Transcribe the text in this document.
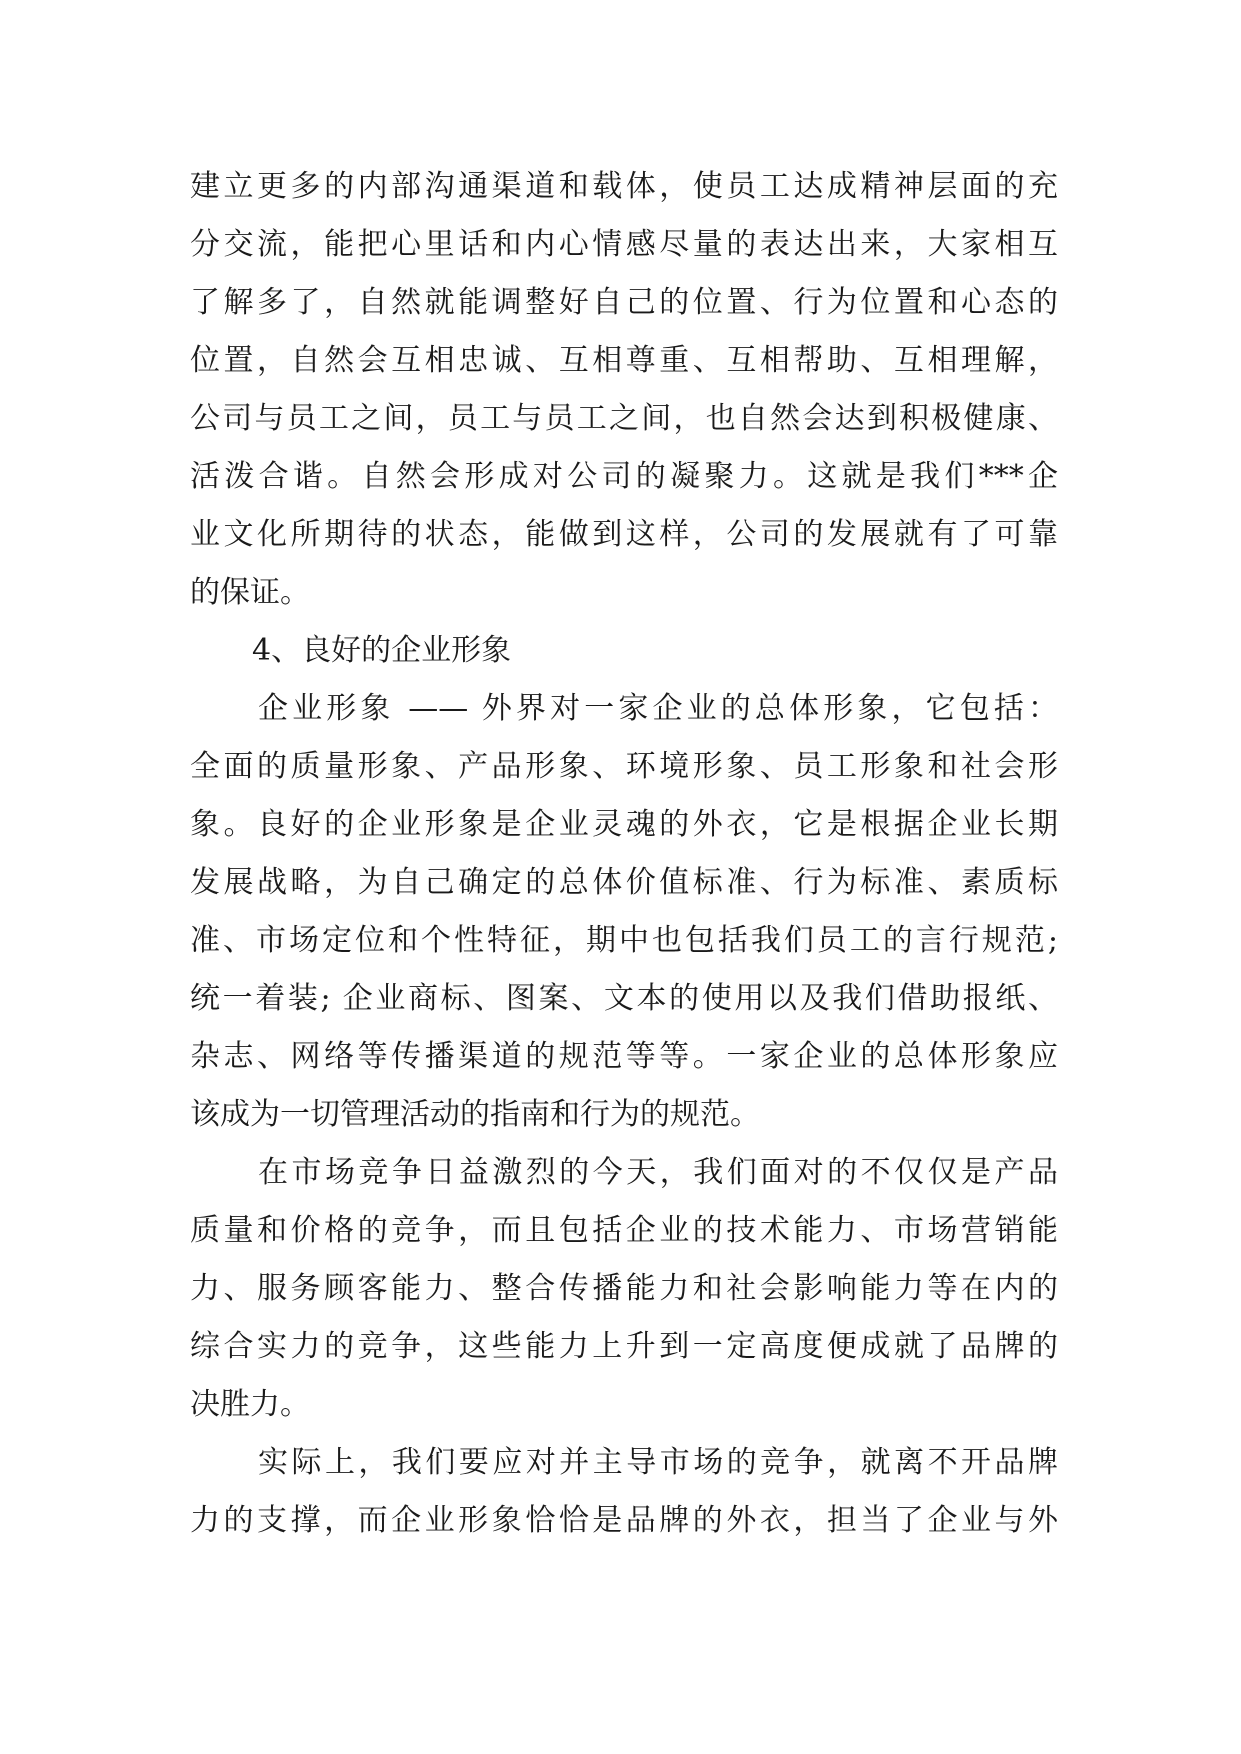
建立更多的内部沟通渠道和载体，使员工达成精神层面的充
分交流，能把心里话和内心情感尽量的表达出来，大家相互
了解多了，自然就能调整好自己的位置、行为位置和心态的
位置，自然会互相忠诚、互相尊重、互相帮助、互相理解，
公司与员工之间，员工与员工之间，也自然会达到积极健康、
活泼合谐。自然会形成对公司的凝聚力。这就是我们***企
业文化所期待的状态，能做到这样，公司的发展就有了可靠
的保证。
4、良好的企业形象
企业形象 —— 外界对一家企业的总体形象，它包括：
全面的质量形象、产品形象、环境形象、员工形象和社会形
象。良好的企业形象是企业灵魂的外衣，它是根据企业长期
发展战略，为自己确定的总体价值标准、行为标准、素质标
准、市场定位和个性特征，期中也包括我们员工的言行规范;
统一着装; 企业商标、图案、文本的使用以及我们借助报纸、
杂志、网络等传播渠道的规范等等。一家企业的总体形象应
该成为一切管理活动的指南和行为的规范。
在市场竞争日益激烈的今天，我们面对的不仅仅是产品
质量和价格的竞争，而且包括企业的技术能力、市场营销能
力、服务顾客能力、整合传播能力和社会影响能力等在内的
综合实力的竞争，这些能力上升到一定高度便成就了品牌的
决胜力。
实际上，我们要应对并主导市场的竞争，就离不开品牌
力的支撑，而企业形象恰恰是品牌的外衣，担当了企业与外
